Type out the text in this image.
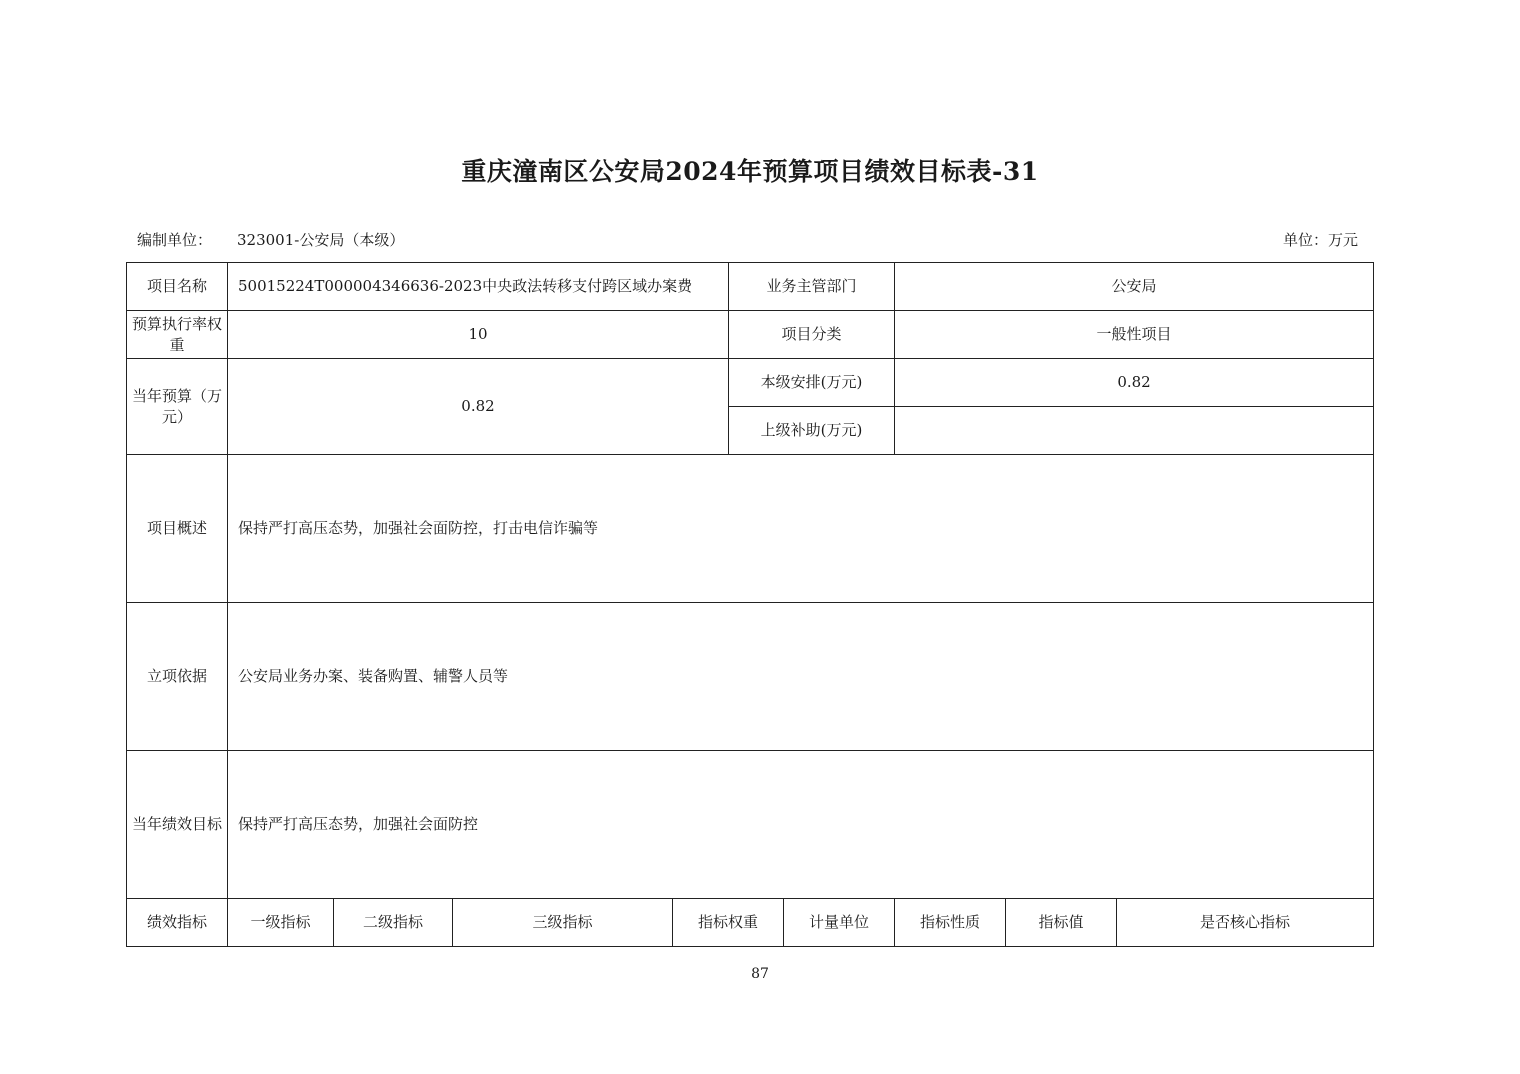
重庆潼南区公安局2024年预算项目绩效目标表-31
编制单位： 323001-公安局（本级）	单位：万元
项目名称	50015224T000004346636-2023中央政法转移支付跨区域办案费				业务主管部门		公安局		
预算执行率权重	10				项目分类		一般性项目		
当年预算（万元）	0.82				本级安排(万元)		0.82		
					上级补助(万元)				
项目概述	保持严打高压态势，加强社会面防控，打击电信诈骗等								
立项依据	公安局业务办案、装备购置、辅警人员等								
当年绩效目标	保持严打高压态势，加强社会面防控								
绩效指标	一级指标	二级指标	三级指标	指标权重		计量单位	指标性质	指标值	是否核心指标
87
